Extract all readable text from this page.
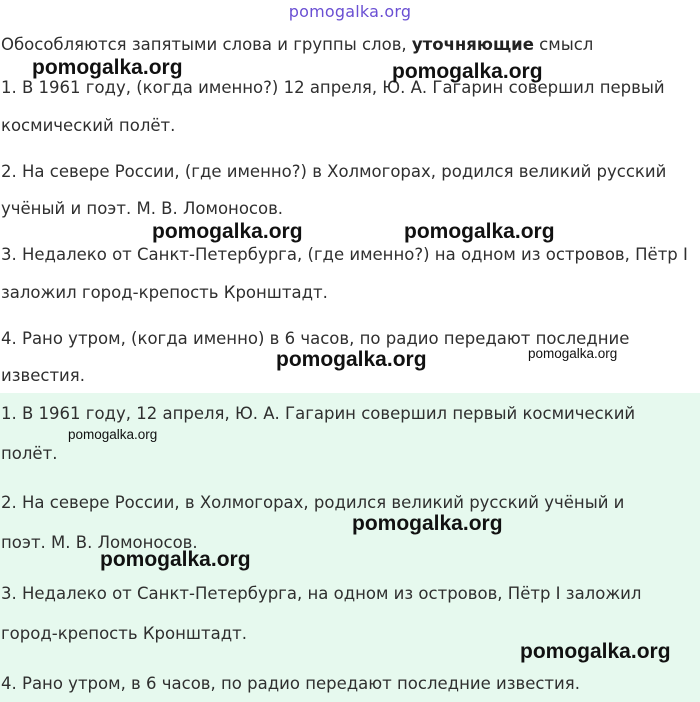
pomogalka.org
Обособляются запятыми слова и группы слов, уточняющие смысл
1. В 1961 году, (когда именно?) 12 апреля, Ю. А. Гагарин совершил первый
космический полёт.
2. На севере России, (где именно?) в Холмогорах, родился великий русский
учёный и поэт. М. В. Ломоносов.
3. Недалеко от Санкт-Петербурга, (где именно?) на одном из островов, Пётр I
заложил город-крепость Кронштадт.
4. Рано утром, (когда именно) в 6 часов, по радио передают последние
известия.
1. В 1961 году, 12 апреля, Ю. А. Гагарин совершил первый космический
полёт.
2. На севере России, в Холмогорах, родился великий русский учёный и
поэт. М. В. Ломоносов.
3. Недалеко от Санкт-Петербурга, на одном из островов, Пётр I заложил
город-крепость Кронштадт.
4. Рано утром, в 6 часов, по радио передают последние известия.
pomogalka.org	pomogalka.org
pomogalka.org	pomogalka.org
pomogalka.org	pomogalka.org
pomogalka.org
pomogalka.org
pomogalka.org
pomogalka.org
